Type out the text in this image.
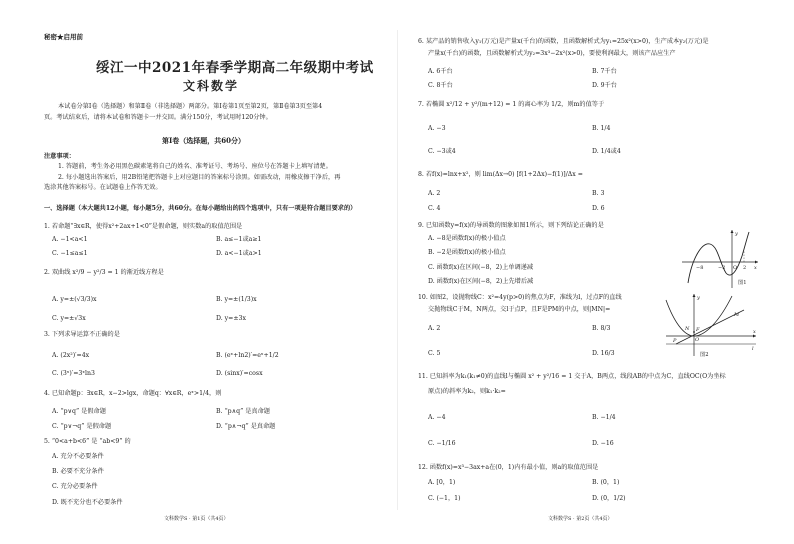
秘密★启用前
绥江一中2021年春季学期高二年级期中考试
文科数学
本试卷分第Ⅰ卷（选择题）和第Ⅱ卷（非选择题）两部分。第Ⅰ卷第1页至第2页，第Ⅱ卷第3页至第4
页。考试结束后，请将本试卷和答题卡一并交回。满分150分，考试用时120分钟。
第Ⅰ卷（选择题，共60分）
注意事项：
1. 答题前，考生务必用黑色碳素笔将自己的姓名、准考证号、考场号、座位号在答题卡上填写清楚。
2. 每小题选出答案后，用2B铅笔把答题卡上对应题目的答案标号涂黑。如需改动，用橡皮擦干净后，再
选涂其他答案标号。在试题卷上作答无效。
一、选择题（本大题共12小题，每小题5分，共60分。在每小题给出的四个选项中，只有一项是符合题目要求的）
1. 若命题“∃x∈R，使得x²+2ax+1<0”是假命题，则实数a的取值范围是
A. −1<a<1	B. a≤−1或a≥1
C. −1≤a≤1	D. a<−1或a>1
2. 双曲线 x²/9 − y²/3 = 1 的渐近线方程是
A. y=±(√3/3)x	B. y=±(1/3)x
C. y=±√3x	D. y=±3x
3. 下列求导运算不正确的是
A. (2x²)′=4x	B. (eˣ+ln2)′=eˣ+1/2
C. (3ˣ)′=3ˣln3	D. (sinx)′=cosx
4. 已知命题p：∃x∈R，x−2>lgx，命题q：∀x∈R，eˣ>1/4，则
A. “p∨q” 是假命题	B. “p∧q” 是真命题
C. “p∨¬q” 是假命题	D. “p∧¬q” 是真命题
5. “0<a+b<6” 是 “ab<9” 的
A. 充分不必要条件
B. 必要不充分条件
C. 充分必要条件
D. 既不充分也不必要条件
文科数学S · 第1页（共4页）
6. 某产品的销售收入y₁(万元)是产量x(千台)的函数，且函数解析式为y₁=25x²(x>0)，生产成本y₂(万元)是
产量x(千台)的函数，且函数解析式为y₂=3x³−2x²(x>0)，要使利润最大，则该产品应生产
A. 6千台	B. 7千台
C. 8千台	D. 9千台
7. 若椭圆 x²/12 + y²/(m+12) = 1 的离心率为 1/2，则m的值等于
A. −3	B. 1/4
C. −3或4	D. 1/4或4
8. 若f(x)=lnx+x²，则 lim(Δx→0) [f(1+2Δx)−f(1)]/Δx =
A. 2	B. 3
C. 4	D. 6
9. 已知函数y=f(x)的导函数的图象如图1所示，则下列结论正确的是
A. −8是函数f(x)的极小值点
B. −2是函数f(x)的极小值点
C. 函数f(x)在区间(−8，2)上单调递减
D. 函数f(x)在区间(−8，2)上先增后减
−8	−2 O 2 x
y
图1
10. 如图2，设抛物线C：x²=4y(p>0)的焦点为F，准线为l，过点F的直线
交抛物线C于M，N两点，交l于点P，且F是PM的中点，则|MN|=
A. 2	B. 8/3
C. 5	D. 16/3
y
x
M
N F
P	O
l
图2
11. 已知斜率为k₁(k₁≠0)的直线l与椭圆 x² + y²/16 = 1 交于A，B两点，线段AB的中点为C，直线OC(O为坐标
原点)的斜率为k₂，则k₁·k₂=
A. −4	B. −1/4
C. −1/16	D. −16
12. 函数f(x)=x³−3ax+a在(0，1)内有最小值，则a的取值范围是
A. [0，1)	B. (0，1)
C. (−1，1)	D. (0，1/2)
文科数学S · 第2页（共4页）
